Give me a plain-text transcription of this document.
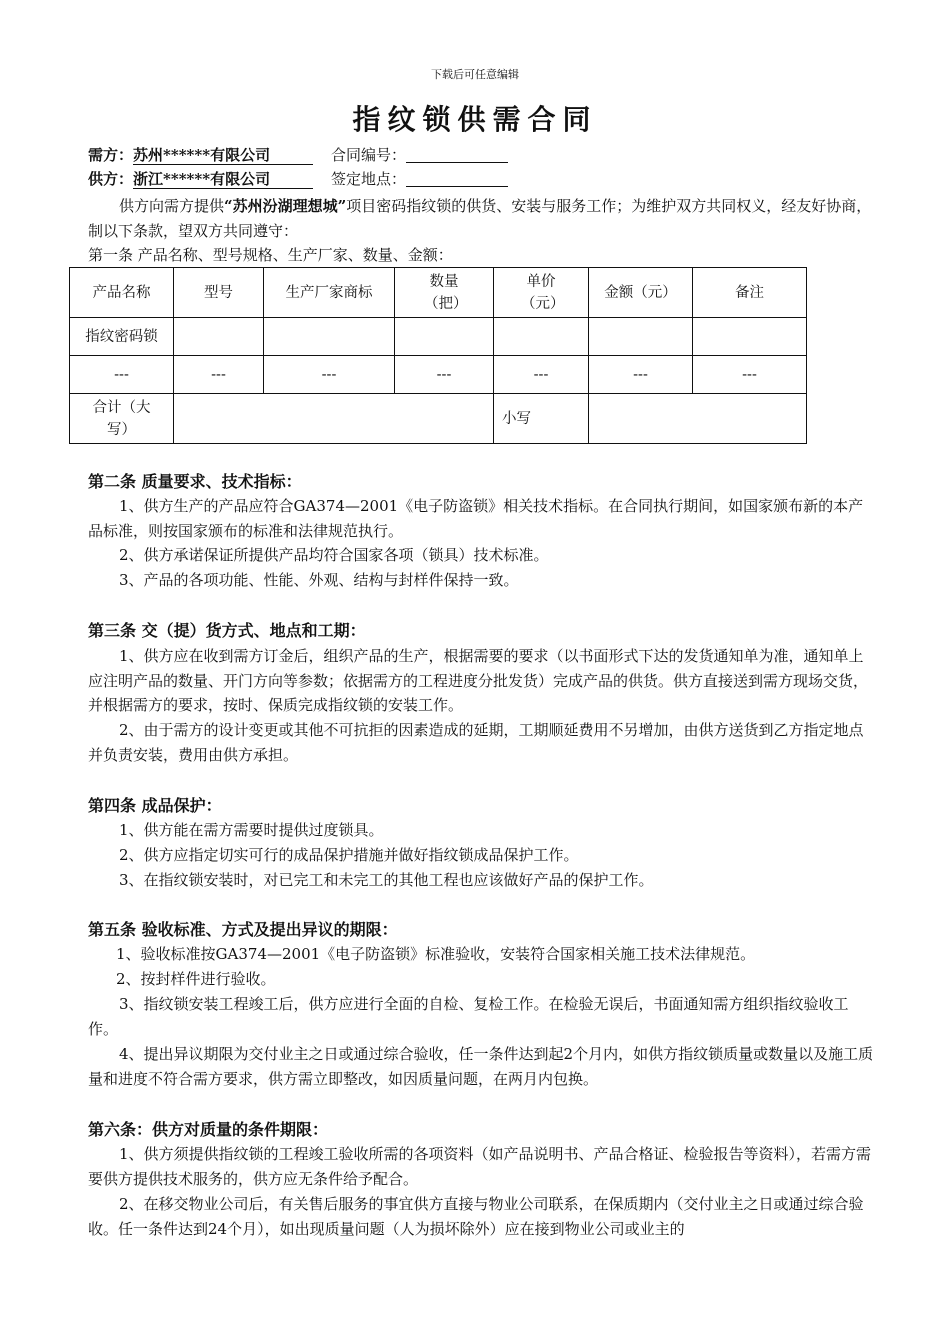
下载后可任意编辑
指纹锁供需合同
需方：苏州******有限公司	合同编号：
供方：浙江******有限公司	签定地点：
供方向需方提供“苏州汾湖理想城”项目密码指纹锁的供货、安装与服务工作；为维护双方共同权义，经友好协商，制以下条款，望双方共同遵守：
第一条 产品名称、型号规格、生产厂家、数量、金额：
产品名称	型号	生产厂家商标	数量（把）	单价（元）	金额（元）	备注
指纹密码锁						
---	---	---	---	---	---	---
合计（大写）				小写		
第二条 质量要求、技术指标：
1、供方生产的产品应符合GA374—2001《电子防盗锁》相关技术指标。在合同执行期间，如国家颁布新的本产品标准，则按国家颁布的标准和法律规范执行。
2、供方承诺保证所提供产品均符合国家各项（锁具）技术标准。
3、产品的各项功能、性能、外观、结构与封样件保持一致。
第三条 交（提）货方式、地点和工期：
1、供方应在收到需方订金后，组织产品的生产，根据需要的要求（以书面形式下达的发货通知单为准，通知单上应注明产品的数量、开门方向等参数；依据需方的工程进度分批发货）完成产品的供货。供方直接送到需方现场交货，并根据需方的要求，按时、保质完成指纹锁的安装工作。
2、由于需方的设计变更或其他不可抗拒的因素造成的延期，工期顺延费用不另增加，由供方送货到乙方指定地点并负责安装，费用由供方承担。
第四条 成品保护：
1、供方能在需方需要时提供过度锁具。
2、供方应指定切实可行的成品保护措施并做好指纹锁成品保护工作。
3、在指纹锁安装时，对已完工和未完工的其他工程也应该做好产品的保护工作。
第五条 验收标准、方式及提出异议的期限：
1、验收标准按GA374—2001《电子防盗锁》标准验收，安装符合国家相关施工技术法律规范。
2、按封样件进行验收。
3、指纹锁安装工程竣工后，供方应进行全面的自检、复检工作。在检验无误后，书面通知需方组织指纹验收工作。
4、提出异议期限为交付业主之日或通过综合验收，任一条件达到起2个月内，如供方指纹锁质量或数量以及施工质量和进度不符合需方要求，供方需立即整改，如因质量问题，在两月内包换。
第六条：供方对质量的条件期限：
1、供方须提供指纹锁的工程竣工验收所需的各项资料（如产品说明书、产品合格证、检验报告等资料），若需方需要供方提供技术服务的，供方应无条件给予配合。
2、在移交物业公司后，有关售后服务的事宜供方直接与物业公司联系，在保质期内（交付业主之日或通过综合验收。任一条件达到24个月），如出现质量问题（人为损坏除外）应在接到物业公司或业主的
